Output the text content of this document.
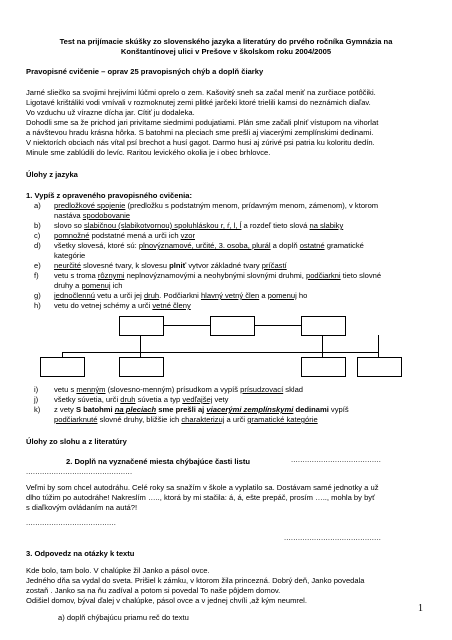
Test na prijímacie skúšky zo slovenského jazyka a literatúry do prvého ročníka Gymnázia na
Konštantínovej ulici v Prešove v školskom roku 2004/2005
Pravopisné cvičenie – oprav 25 pravopisných chýb a doplň čiarky
Jarné sliečko sa svojimi hrejivími lúčmi oprelo o zem. Kašovitý sneh sa začal meniť na zurčiace potôčiki.
Ligotavé krištáliki vodi vmívali v rozmoknutej zemi plitké jarčeki ktoré trielili kamsi do neznámich diaľav.
Vo vzduchu už vírazne dícha jar. Cítiť ju dodaleka.
Dohodli sme sa že prichod jari privítame siedmimi podujatiami. Plán sme začali plniť vístupom na vihorlat
a návštevou hradu krásna hôrka. S batohmi na pleciach sme prešli aj viacerými zemplínskimi dedinami.
V niektorích obciach nás vítal psí brechot a husí gagot. Darmo husi aj zúrivé psi patria ku koloritu dedín.
Minule sme zablúdili do levíc. Raritou levického okolia je i obec brhlovce.
Úlohy z jazyka
1. Vypíš z opraveného pravopisného cvičenia:
a) predložkové spojenie (predložku s podstatným menom, prídavným menom, zámenom), v ktorom
nastáva spodobovanie
b) slovo so slabičnou (slabikotvornou) spoluhláskou r, ŕ, l, ĺ a rozdeľ tieto slová na slabiky
c) pomnožné podstatné mená a urči ich vzor
d) všetky slovesá, ktoré sú: plnovýznamové, určité, 3. osoba, plurál a doplň ostatné gramatické
kategórie
e) neurčité slovesné tvary, k slovesu plniť vytvor základné tvary príčastí
f) vetu s troma rôznymi neplnovýznamovými a neohybnými slovnými druhmi, podčiarkni tieto slovné
druhy a pomenuj ich
g) jednočlennú vetu a urči jej druh. Podčiarkni hlavný vetný člen a pomenuj ho
h) vetu do vetnej schémy a urči vetné členy
i) vetu s menným (slovesno-menným) prísudkom a vypíš prísudzovací sklad
j) všetky súvetia, urči druh súvetia a typ vedľajšej vety
k) z vety S batohmi na pleciach sme prešli aj viacerými zemplínskymi dedinami vypíš
podčiarknuté slovné druhy, bližšie ich charakterizuj a urči gramatické kategórie
Úlohy zo slohu a z literatúry
2. Doplň na vyznačené miesta chýbajúce časti listu	.......................................
..............................................
Veľmi by som chcel autodráhu. Celé roky sa snažím v škole a vyplatilo sa. Dostávam samé jednotky a už
dlho túžim po autodráhe! Nakreslím ….., ktorá by mi stačila: á, á, ešte prepáč, prosím ….., mohla by byť
s diaľkovým ovládaním na autá?!
.......................................
..........................................
3. Odpovedz na otázky k textu
Kde bolo, tam bolo. V chalúpke žil Janko a pásol ovce.
Jedného dňa sa vydal do sveta. Prišiel k zámku, v ktorom žila princezná. Dobrý deň, Janko povedala
zostaň . Janko sa na ňu zadíval a potom si povedal To naše pôjdem domov.
Odišiel domov, býval ďalej v chalúpke, pásol ovce a v jednej chvíli ,až kým neumrel.
a) doplň chýbajúcu priamu reč do textu
1
